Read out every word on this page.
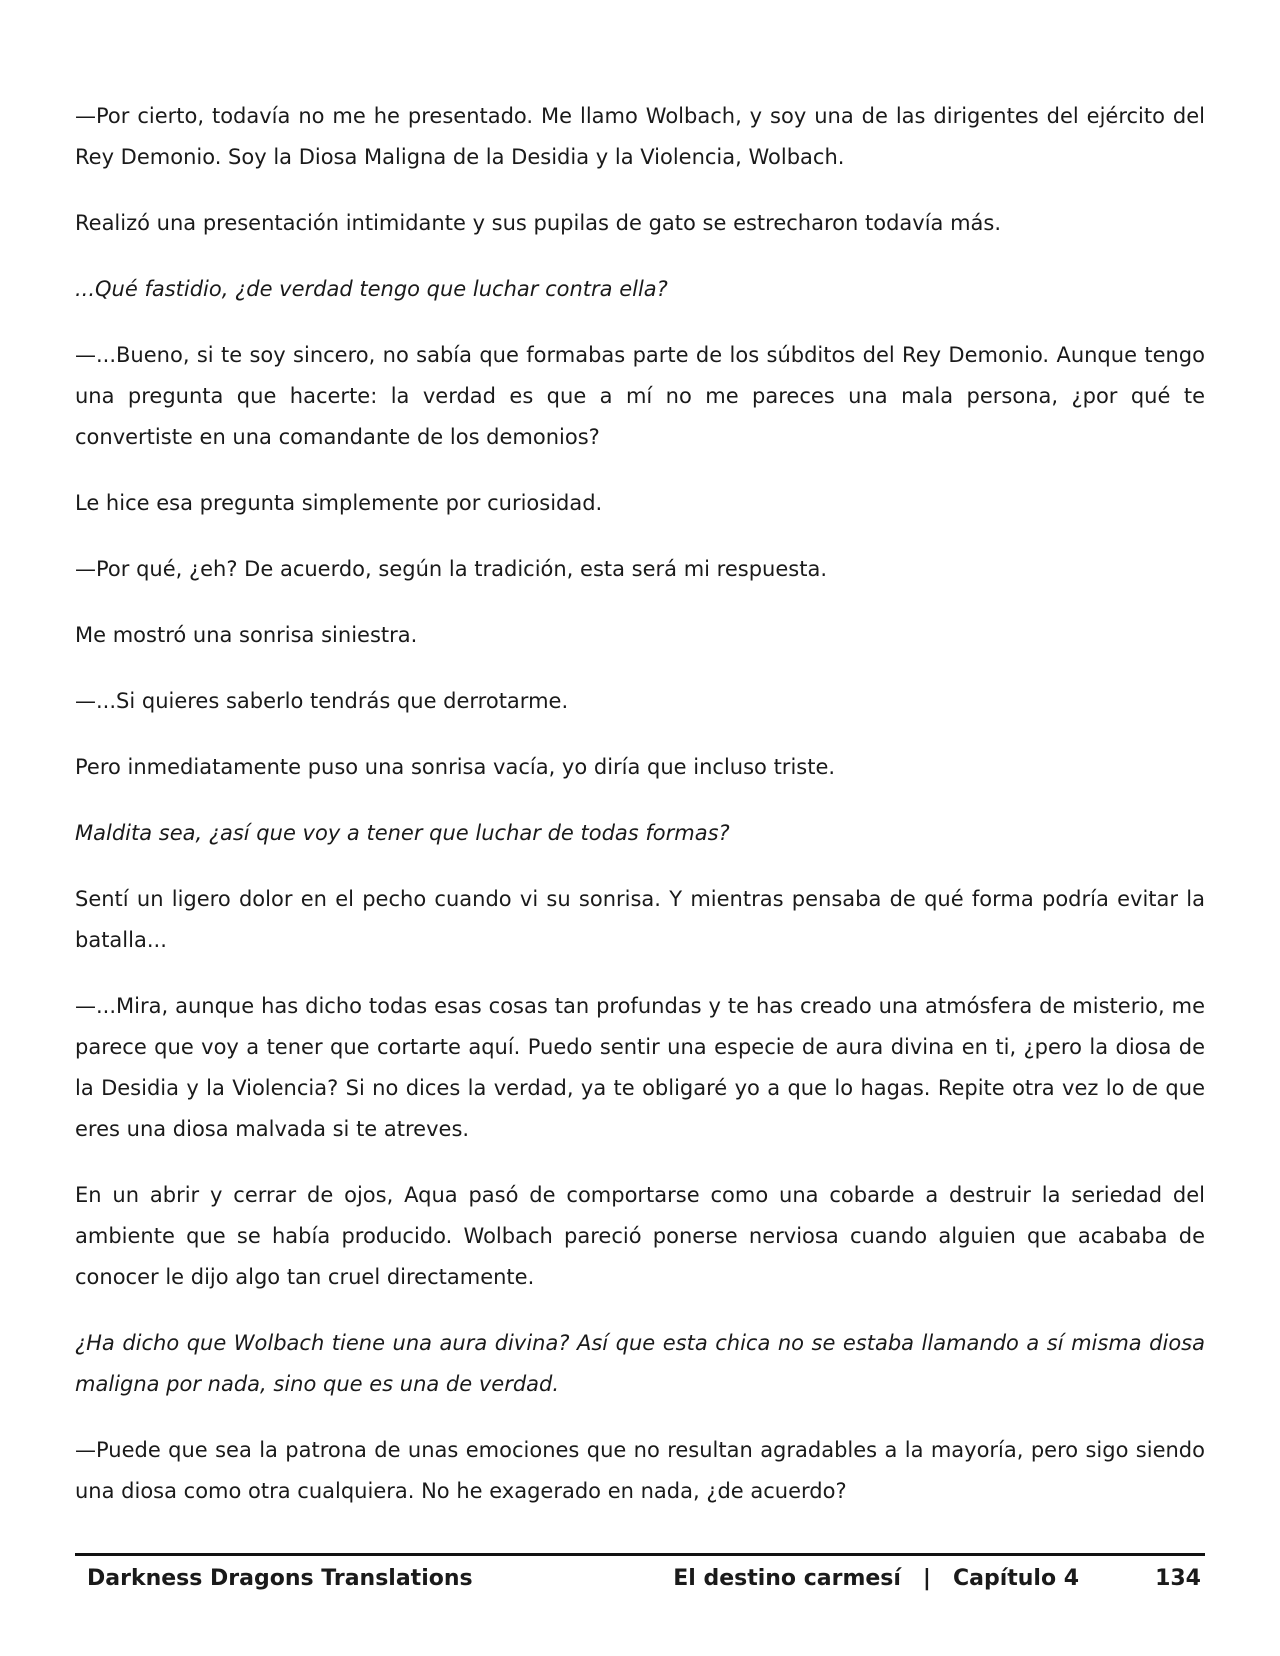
—Por cierto, todavía no me he presentado. Me llamo Wolbach, y soy una de las dirigentes del ejército del Rey Demonio. Soy la Diosa Maligna de la Desidia y la Violencia, Wolbach.

Realizó una presentación intimidante y sus pupilas de gato se estrecharon todavía más.

...Qué fastidio, ¿de verdad tengo que luchar contra ella?

—...Bueno, si te soy sincero, no sabía que formabas parte de los súbditos del Rey Demonio. Aunque tengo una pregunta que hacerte: la verdad es que a mí no me pareces una mala persona, ¿por qué te convertiste en una comandante de los demonios?

Le hice esa pregunta simplemente por curiosidad.

—Por qué, ¿eh? De acuerdo, según la tradición, esta será mi respuesta.

Me mostró una sonrisa siniestra.

—...Si quieres saberlo tendrás que derrotarme.

Pero inmediatamente puso una sonrisa vacía, yo diría que incluso triste.

Maldita sea, ¿así que voy a tener que luchar de todas formas?

Sentí un ligero dolor en el pecho cuando vi su sonrisa. Y mientras pensaba de qué forma podría evitar la batalla...

—...Mira, aunque has dicho todas esas cosas tan profundas y te has creado una atmósfera de misterio, me parece que voy a tener que cortarte aquí. Puedo sentir una especie de aura divina en ti, ¿pero la diosa de la Desidia y la Violencia? Si no dices la verdad, ya te obligaré yo a que lo hagas. Repite otra vez lo de que eres una diosa malvada si te atreves.

En un abrir y cerrar de ojos, Aqua pasó de comportarse como una cobarde a destruir la seriedad del ambiente que se había producido. Wolbach pareció ponerse nerviosa cuando alguien que acababa de conocer le dijo algo tan cruel directamente.

¿Ha dicho que Wolbach tiene una aura divina? Así que esta chica no se estaba llamando a sí misma diosa maligna por nada, sino que es una de verdad.

—Puede que sea la patrona de unas emociones que no resultan agradables a la mayoría, pero sigo siendo una diosa como otra cualquiera. No he exagerado en nada, ¿de acuerdo?

Darkness Dragons Translations	El destino carmesí | Capítulo 4	134
